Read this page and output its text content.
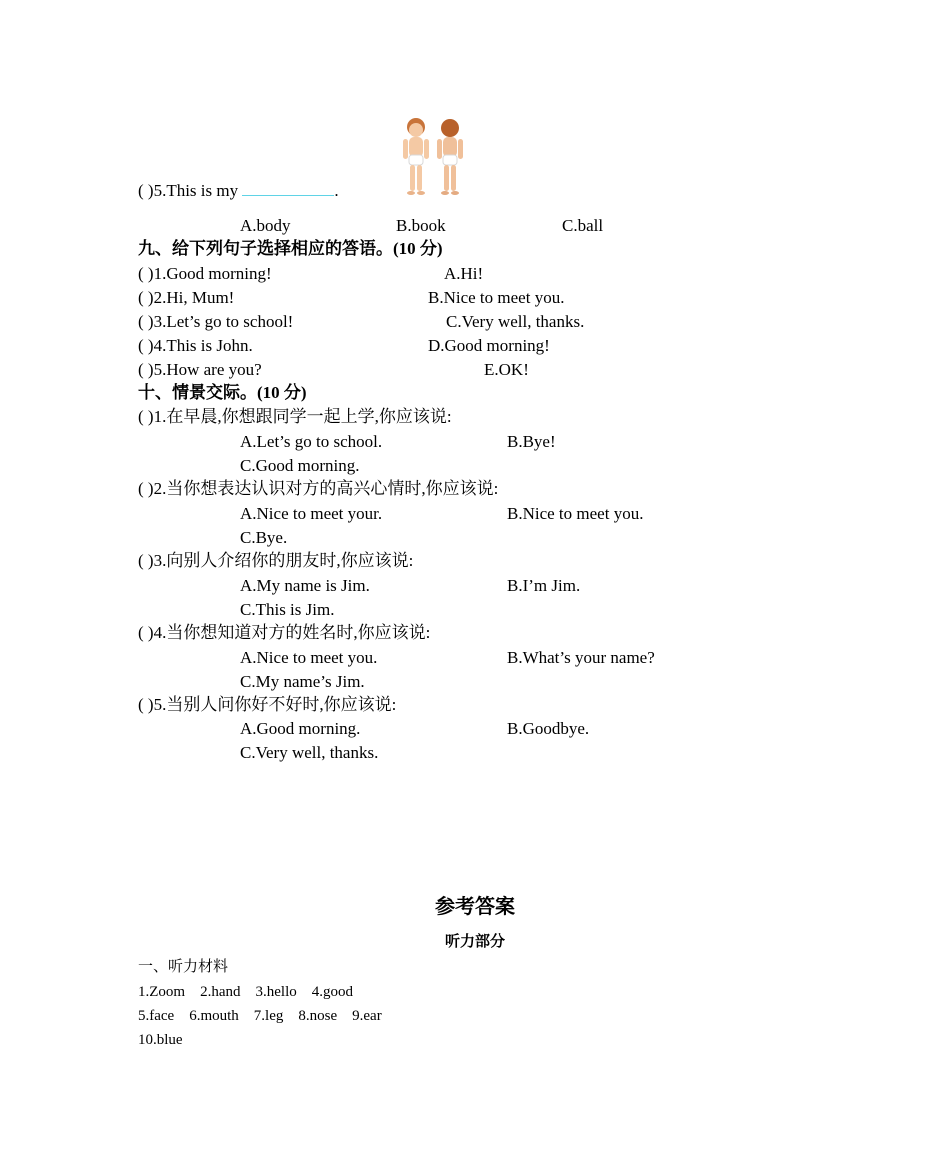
( )5.This is my	.
A.body	B.book	C.ball
九、给下列句子选择相应的答语。(10 分)
( )1.Good morning!	A.Hi!
( )2.Hi, Mum!	B.Nice to meet you.
( )3.Let’s go to school!	C.Very well, thanks.
( )4.This is John.	D.Good morning!
( )5.How are you?	E.OK!
十、情景交际。(10 分)
( )1.在早晨,你想跟同学一起上学,你应该说:
A.Let’s go to school.	B.Bye!
C.Good morning.
( )2.当你想表达认识对方的高兴心情时,你应该说:
A.Nice to meet your.	B.Nice to meet you.
C.Bye.
( )3.向别人介绍你的朋友时,你应该说:
A.My name is Jim.	B.I’m Jim.
C.This is Jim.
( )4.当你想知道对方的姓名时,你应该说:
A.Nice to meet you.	B.What’s your name?
C.My name’s Jim.
( )5.当别人问你好不好时,你应该说:
A.Good morning.	B.Goodbye.
C.Very well, thanks.
参考答案
听力部分
一、听力材料
1.Zoom    2.hand    3.hello    4.good
5.face    6.mouth    7.leg    8.nose    9.ear
10.blue
